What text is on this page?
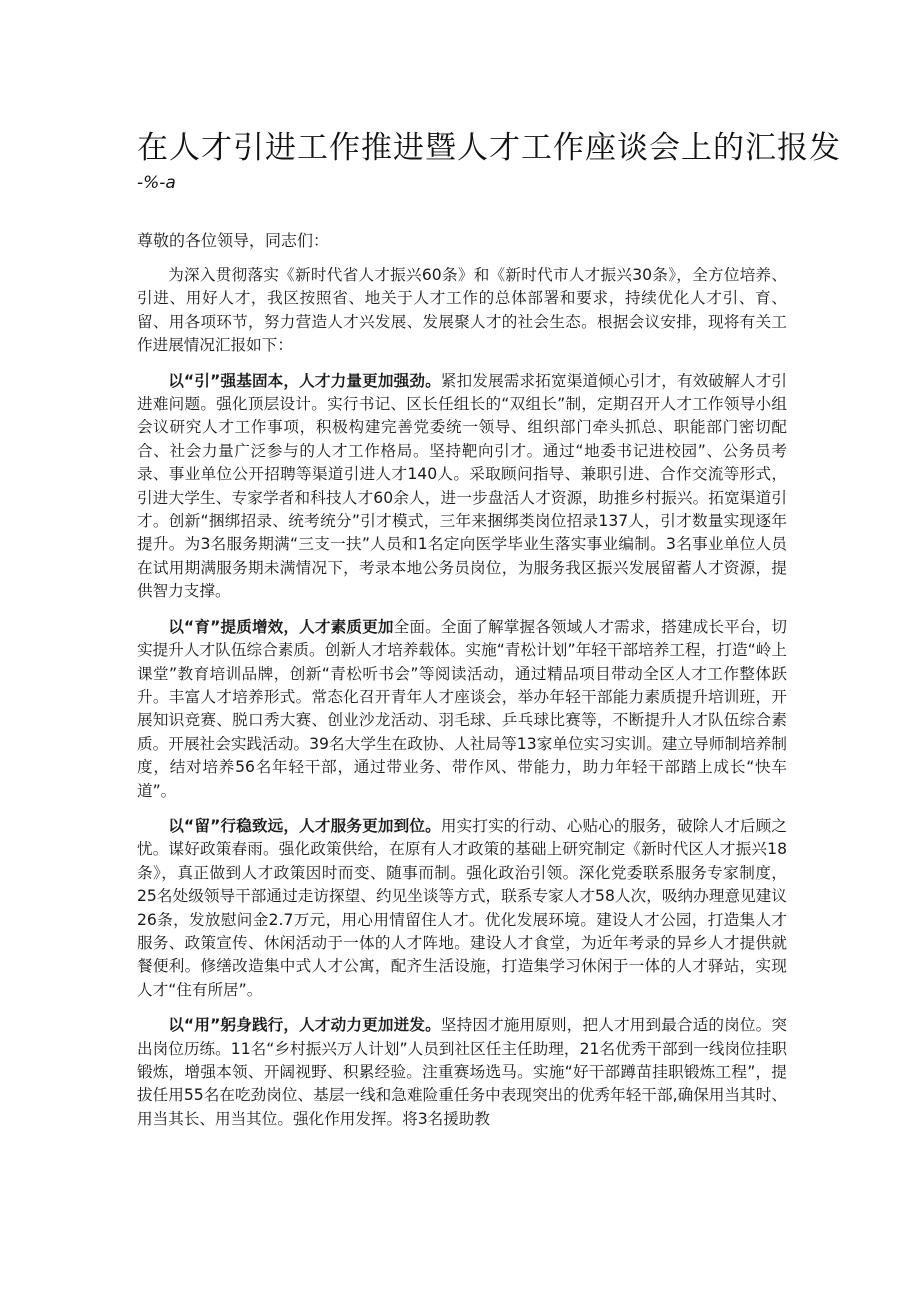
在人才引进工作推进暨人才工作座谈会上的汇报发
-%-a
尊敬的各位领导，同志们：

为深入贯彻落实《新时代省人才振兴60条》和《新时代市人才振兴30条》，全方位培养、引进、用好人才，我区按照省、地关于人才工作的总体部署和要求，持续优化人才引、育、留、用各项环节，努力营造人才兴发展、发展聚人才的社会生态。根据会议安排，现将有关工作进展情况汇报如下：

以“引”强基固本，人才力量更加强劲。紧扣发展需求拓宽渠道倾心引才，有效破解人才引进难问题。强化顶层设计。实行书记、区长任组长的“双组长”制，定期召开人才工作领导小组会议研究人才工作事项，积极构建完善党委统一领导、组织部门牵头抓总、职能部门密切配合、社会力量广泛参与的人才工作格局。坚持靶向引才。通过“地委书记进校园”、公务员考录、事业单位公开招聘等渠道引进人才140人。采取顾问指导、兼职引进、合作交流等形式，引进大学生、专家学者和科技人才60余人，进一步盘活人才资源，助推乡村振兴。拓宽渠道引才。创新“捆绑招录、统考统分”引才模式，三年来捆绑类岗位招录137人，引才数量实现逐年提升。为3名服务期满“三支一扶”人员和1名定向医学毕业生落实事业编制。3名事业单位人员在试用期满服务期未满情况下，考录本地公务员岗位，为服务我区振兴发展留蓄人才资源，提供智力支撑。

以“育”提质增效，人才素质更加全面。全面了解掌握各领域人才需求，搭建成长平台，切实提升人才队伍综合素质。创新人才培养载体。实施“青松计划”年轻干部培养工程，打造“岭上课堂”教育培训品牌，创新“青松听书会”等阅读活动，通过精品项目带动全区人才工作整体跃升。丰富人才培养形式。常态化召开青年人才座谈会，举办年轻干部能力素质提升培训班，开展知识竞赛、脱口秀大赛、创业沙龙活动、羽毛球、乒乓球比赛等，不断提升人才队伍综合素质。开展社会实践活动。39名大学生在政协、人社局等13家单位实习实训。建立导师制培养制度，结对培养56名年轻干部，通过带业务、带作风、带能力，助力年轻干部踏上成长“快车道”。

以“留”行稳致远，人才服务更加到位。用实打实的行动、心贴心的服务，破除人才后顾之忧。谋好政策春雨。强化政策供给，在原有人才政策的基础上研究制定《新时代区人才振兴18条》，真正做到人才政策因时而变、随事而制。强化政治引领。深化党委联系服务专家制度，25名处级领导干部通过走访探望、约见坐谈等方式，联系专家人才58人次，吸纳办理意见建议26条，发放慰问金2.7万元，用心用情留住人才。优化发展环境。建设人才公园，打造集人才服务、政策宣传、休闲活动于一体的人才阵地。建设人才食堂，为近年考录的异乡人才提供就餐便利。修缮改造集中式人才公寓，配齐生活设施，打造集学习休闲于一体的人才驿站，实现人才“住有所居”。

以“用”躬身践行，人才动力更加迸发。坚持因才施用原则，把人才用到最合适的岗位。突出岗位历练。11名“乡村振兴万人计划”人员到社区任主任助理，21名优秀干部到一线岗位挂职锻炼，增强本领、开阔视野、积累经验。注重赛场选马。实施“好干部蹲苗挂职锻炼工程”，提拔任用55名在吃劲岗位、基层一线和急难险重任务中表现突出的优秀年轻干部,确保用当其时、用当其长、用当其位。强化作用发挥。将3名援助教
